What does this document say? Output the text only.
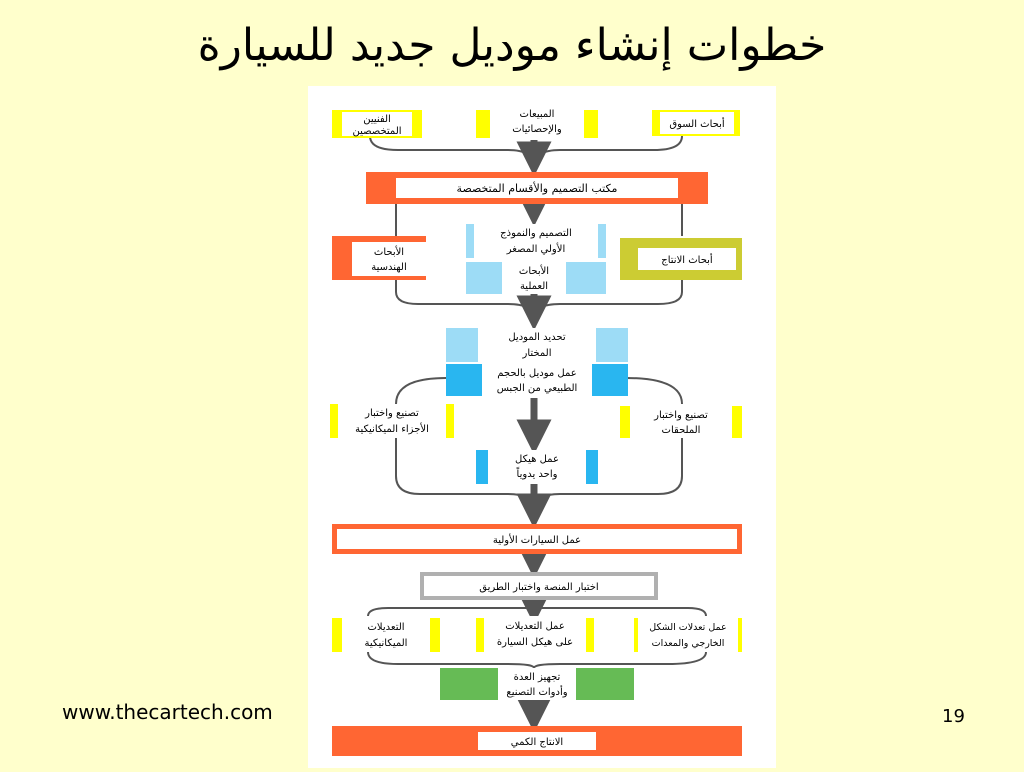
خطوات إنشاء موديل جديد للسيارة
الفنيين
المتخصصين
المبيعات
والإحصائيات	أبحاث السوق
مكتب التصميم والأقسام المتخصصة
الأبحاث
الهندسية
التصميم والنموذج
الأولي المصغر
الأبحاث
العملية
أبحاث الانتاج
تحديد الموديل
المختار
عمل موديل بالحجم
الطبيعي من الجبس
تصنيع واختبار
الأجزاء الميكانيكية
تصنيع واختبار
الملحقات
عمل هيكل
واحد يدوياً
عمل السيارات الأولية
اختبار المنصة واختبار الطريق
التعديلات
الميكانيكية
عمل التعديلات
على هيكل السيارة
عمل تعدلات الشكل
الخارجي والمعدات
تجهيز العدة
وأدوات التصنيع
الانتاج الكمي
www.thecartech.com	19
